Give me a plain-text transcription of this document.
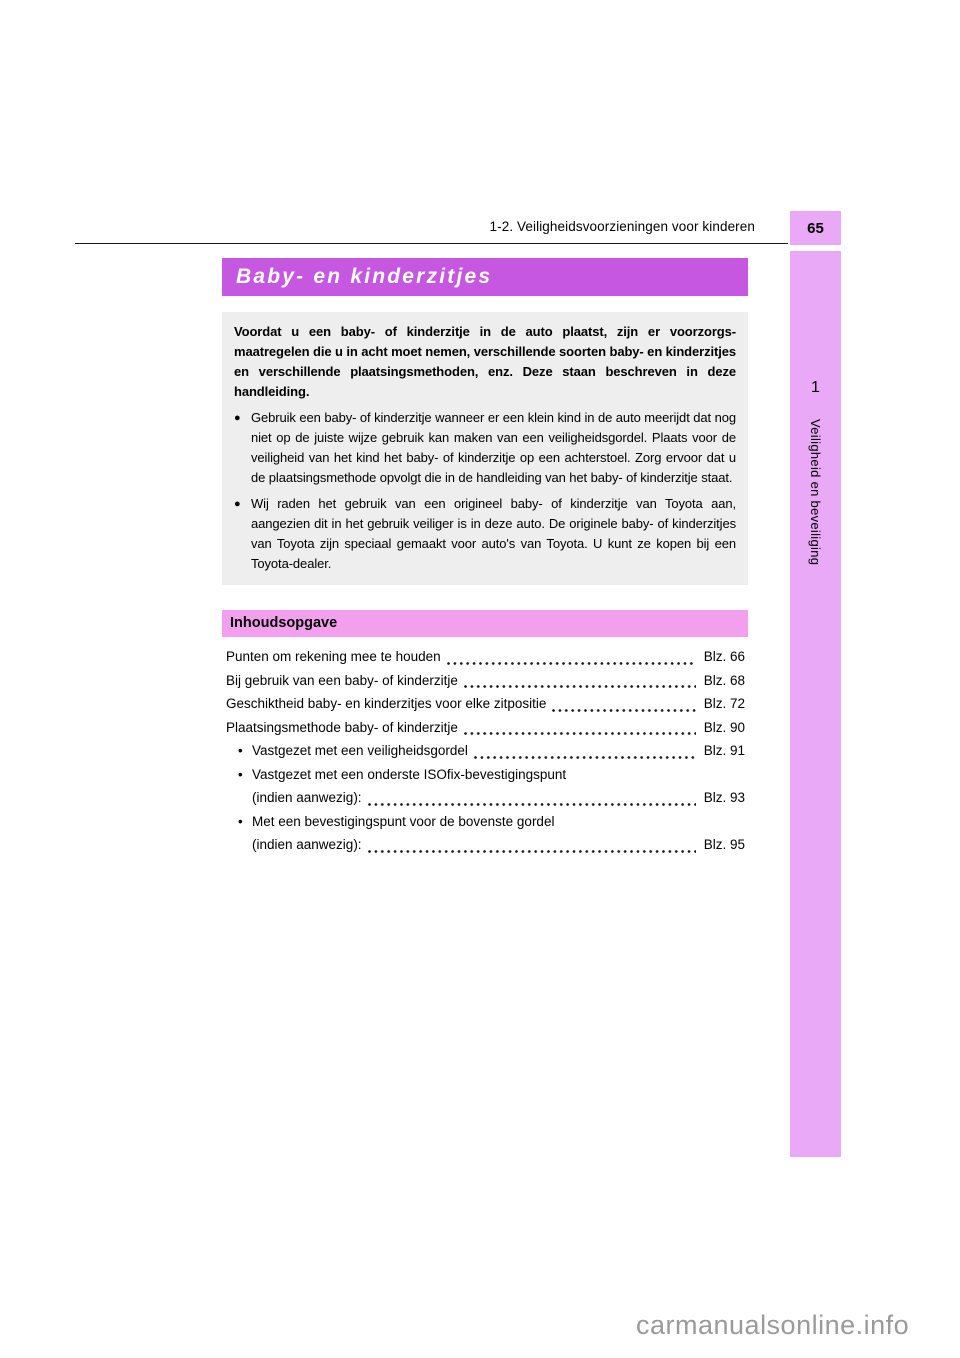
1-2. Veiligheidsvoorzieningen voor kinderen	65
1
Veiligheid en beveiliging
Baby- en kinderzitjes

Voordat u een baby- of kinderzitje in de auto plaatst, zijn er voorzorgs-maatregelen die u in acht moet nemen, verschillende soorten baby- en kinderzitjes en verschillende plaatsingsmethoden, enz. Deze staan beschreven in deze handleiding.

● Gebruik een baby- of kinderzitje wanneer er een klein kind in de auto meerijdt dat nog niet op de juiste wijze gebruik kan maken van een veiligheidsgordel. Plaats voor de veiligheid van het kind het baby- of kinderzitje op een achterstoel. Zorg ervoor dat u de plaatsingsmethode opvolgt die in de handleiding van het baby- of kinderzitje staat.

● Wij raden het gebruik van een origineel baby- of kinderzitje van Toyota aan, aangezien dit in het gebruik veiliger is in deze auto. De originele baby- of kinderzitjes van Toyota zijn speciaal gemaakt voor auto's van Toyota. U kunt ze kopen bij een Toyota-dealer.

Inhoudsopgave
Punten om rekening mee te houden	Blz. 66
Bij gebruik van een baby- of kinderzitje	Blz. 68
Geschiktheid baby- en kinderzitjes voor elke zitpositie	Blz. 72
Plaatsingsmethode baby- of kinderzitje	Blz. 90
• Vastgezet met een veiligheidsgordel	Blz. 91
• Vastgezet met een onderste ISOfix-bevestigingspunt
(indien aanwezig):	Blz. 93
• Met een bevestigingspunt voor de bovenste gordel
(indien aanwezig):	Blz. 95
carmanualsonline.info
